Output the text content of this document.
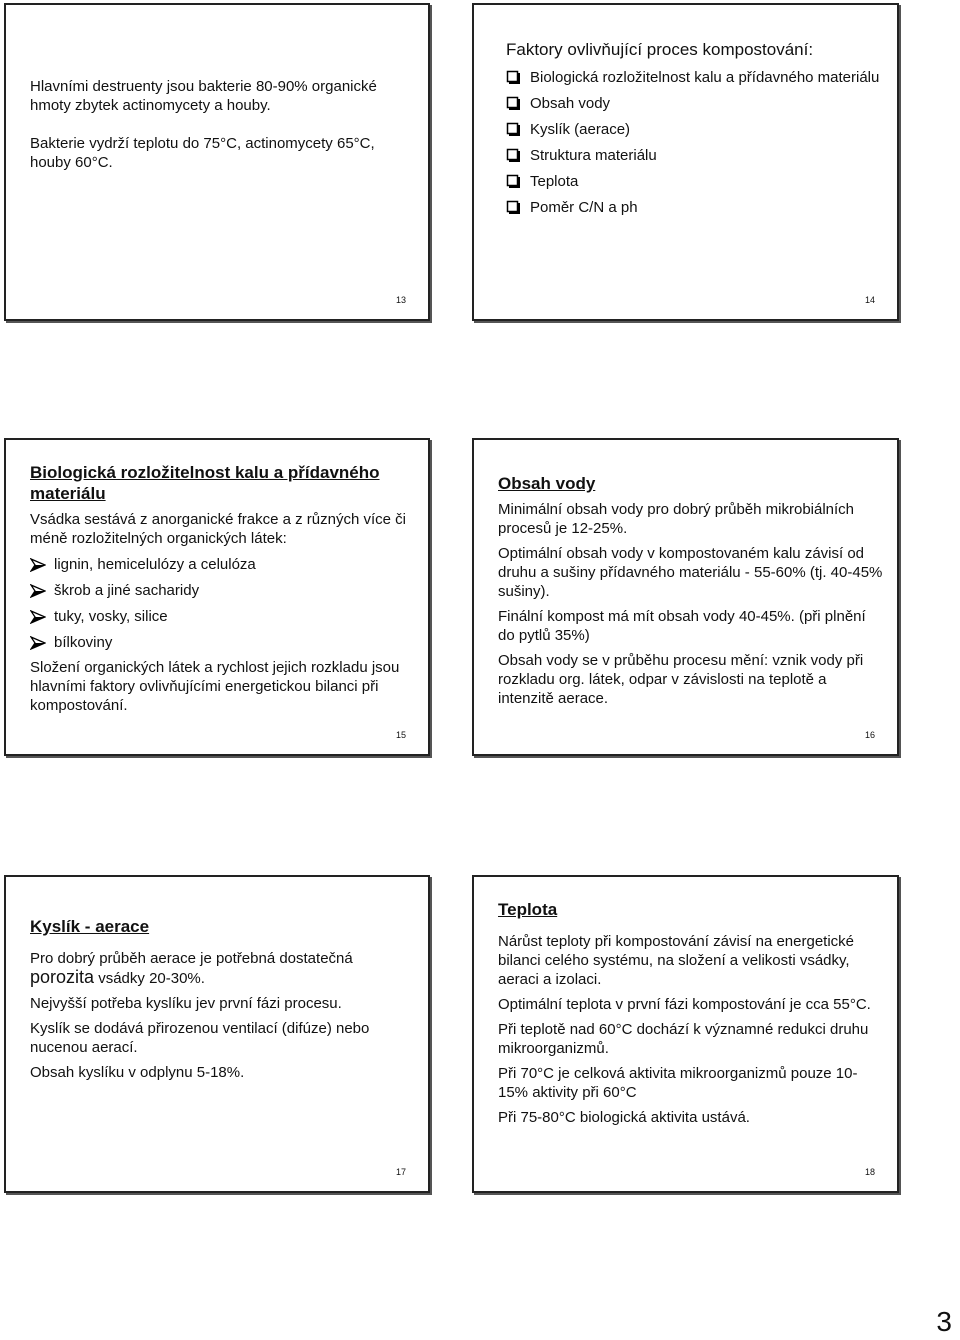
Hlavními destruenty jsou bakterie 80-90% organické hmoty zbytek actinomycety a houby.

Bakterie vydrží teplotu do 75°C, actinomycety 65°C, houby 60°C.

13

Faktory ovlivňující proces kompostování:

Biologická rozložitelnost kalu a přídavného materiálu
Obsah vody
Kyslík (aerace)
Struktura materiálu
Teplota
Poměr C/N a ph
14

Biologická rozložitelnost kalu a přídavného materiálu

Vsádka sestává z anorganické frakce a z různých více či méně rozložitelných organických látek:

lignin, hemicelulózy a celulóza
škrob a jiné sacharidy
tuky, vosky, silice
bílkoviny

Složení organických látek a rychlost jejich rozkladu jsou hlavními faktory ovlivňujícími energetickou bilanci při kompostování.

15

Obsah vody

Minimální obsah vody pro dobrý průběh mikrobiálních procesů je 12-25%.

Optimální obsah vody v kompostovaném kalu závisí od druhu a sušiny přídavného materiálu - 55-60% (tj. 40-45% sušiny).

Finální kompost má mít obsah vody 40-45%. (při plnění do pytlů 35%)

Obsah vody se v průběhu procesu mění: vznik vody při rozkladu org. látek, odpar v závislosti na teplotě a intenzitě aerace.

16

Kyslík - aerace

Pro dobrý průběh aerace je potřebná dostatečná porozita vsádky 20-30%.

Nejvyšší potřeba kyslíku jev první fázi procesu.

Kyslík se dodává přirozenou ventilací (difúze) nebo nucenou aerací.

Obsah kyslíku v odplynu 5-18%.

17

Teplota

Nárůst teploty při kompostování závisí na energetické bilanci celého systému, na složení a velikosti vsádky, aeraci a izolaci.

Optimální teplota v první fázi kompostování je cca 55°C.

Při teplotě nad 60°C dochází k významné redukci druhu mikroorganizmů.

Při 70°C je celková aktivita mikroorganizmů pouze 10-15% aktivity při 60°C

Při 75-80°C biologická aktivita ustává.

18
3
